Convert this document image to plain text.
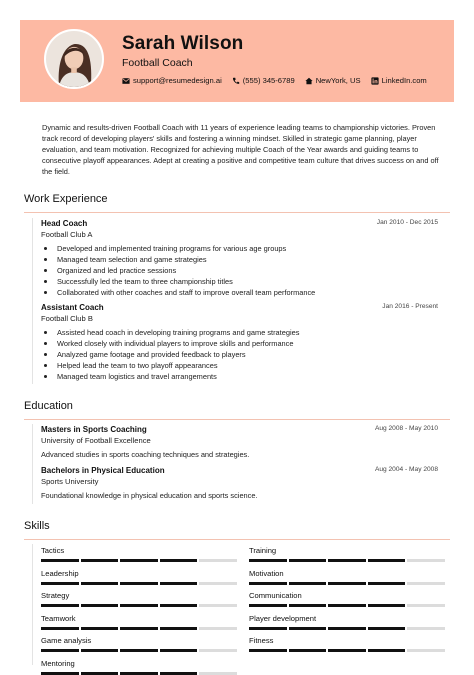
Sarah Wilson
Football Coach
support@resumedesign.ai	(555) 345-6789	NewYork, US	LinkedIn.com
Dynamic and results-driven Football Coach with 11 years of experience leading teams to championship victories. Proven track record of developing players' skills and fostering a winning mindset. Skilled in strategic game planning, player evaluation, and team motivation. Recognized for achieving multiple Coach of the Year awards and guiding teams to consecutive playoff appearances. Adept at creating a positive and competitive team culture that drives success on and off the field.
Work Experience
Head Coach	Jan 2010 - Dec 2015
Football Club A
Developed and implemented training programs for various age groups
Managed team selection and game strategies
Organized and led practice sessions
Successfully led the team to three championship titles
Collaborated with other coaches and staff to improve overall team performance
Assistant Coach	Jan 2016 - Present
Football Club B
Assisted head coach in developing training programs and game strategies
Worked closely with individual players to improve skills and performance
Analyzed game footage and provided feedback to players
Helped lead the team to two playoff appearances
Managed team logistics and travel arrangements
Education
Masters in Sports Coaching	Aug 2008 - May 2010
University of Football Excellence
Advanced studies in sports coaching techniques and strategies.
Bachelors in Physical Education	Aug 2004 - May 2008
Sports University
Foundational knowledge in physical education and sports science.
Skills
Tactics	Training
Leadership	Motivation
Strategy	Communication
Teamwork	Player development
Game analysis	Fitness
Mentoring
